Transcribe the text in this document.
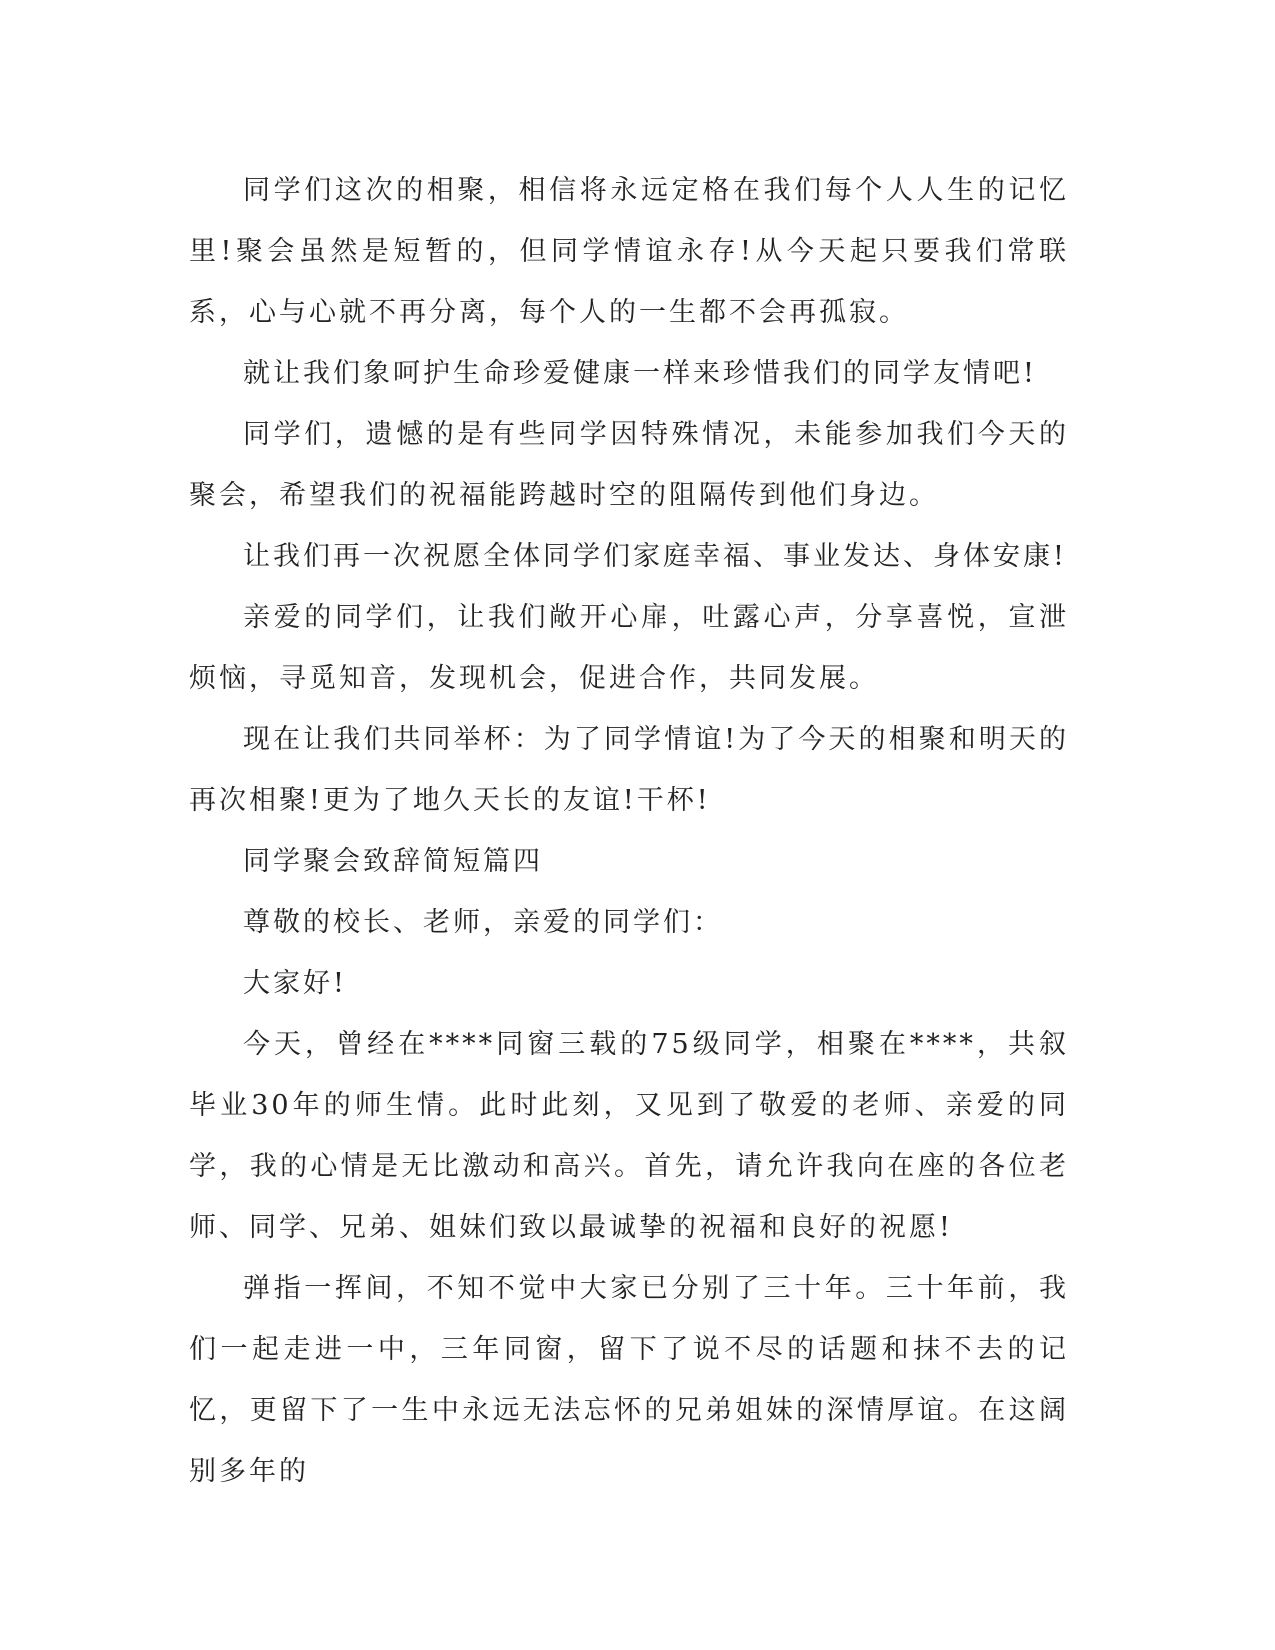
同学们这次的相聚，相信将永远定格在我们每个人人生的记忆里!聚会虽然是短暂的，但同学情谊永存!从今天起只要我们常联系，心与心就不再分离，每个人的一生都不会再孤寂。

就让我们象呵护生命珍爱健康一样来珍惜我们的同学友情吧!

同学们，遗憾的是有些同学因特殊情况，未能参加我们今天的聚会，希望我们的祝福能跨越时空的阻隔传到他们身边。

让我们再一次祝愿全体同学们家庭幸福、事业发达、身体安康!

亲爱的同学们，让我们敞开心扉，吐露心声，分享喜悦，宣泄烦恼，寻觅知音，发现机会，促进合作，共同发展。

现在让我们共同举杯：为了同学情谊!为了今天的相聚和明天的再次相聚!更为了地久天长的友谊!干杯!

同学聚会致辞简短篇四

尊敬的校长、老师，亲爱的同学们：

大家好!

今天，曾经在****同窗三载的75级同学，相聚在****，共叙毕业30年的师生情。此时此刻，又见到了敬爱的老师、亲爱的同学，我的心情是无比激动和高兴。首先，请允许我向在座的各位老师、同学、兄弟、姐妹们致以最诚挚的祝福和良好的祝愿!

弹指一挥间，不知不觉中大家已分别了三十年。三十年前，我们一起走进一中，三年同窗，留下了说不尽的话题和抹不去的记忆，更留下了一生中永远无法忘怀的兄弟姐妹的深情厚谊。在这阔别多年的
